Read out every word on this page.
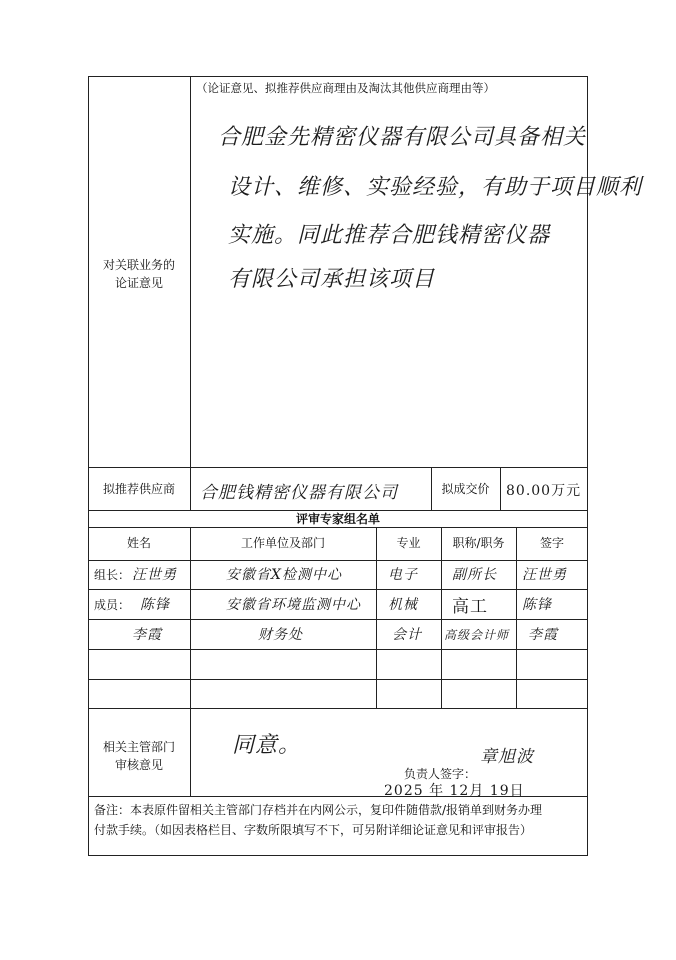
（论证意见、拟推荐供应商理由及淘汰其他供应商理由等）
对关联业务的
论证意见
合肥金先精密仪器有限公司具备相关
设计、维修、实验经验，有助于项目顺利
实施。同此推荐合肥钱精密仪器
有限公司承担该项目
拟推荐供应商	合肥钱精密仪器有限公司	拟成交价	80.00万元
评审专家组名单
姓名	工作单位及部门	专业	职称/职务	签字
组长： 汪世勇	安徽省X检测中心	电子 副所长 汪世勇
成员： 陈锋	安徽省环境监测中心 机械 高工 陈锋
李霞	财务处	会计 高级会计师 李霞
相关主管部门
审核意见
同意。
负责人签字：
章旭波
2025 年 12月 19日
备注：本表原件留相关主管部门存档并在内网公示，复印件随借款/报销单到财务办理
付款手续。（如因表格栏目、字数所限填写不下，可另附详细论证意见和评审报告）
